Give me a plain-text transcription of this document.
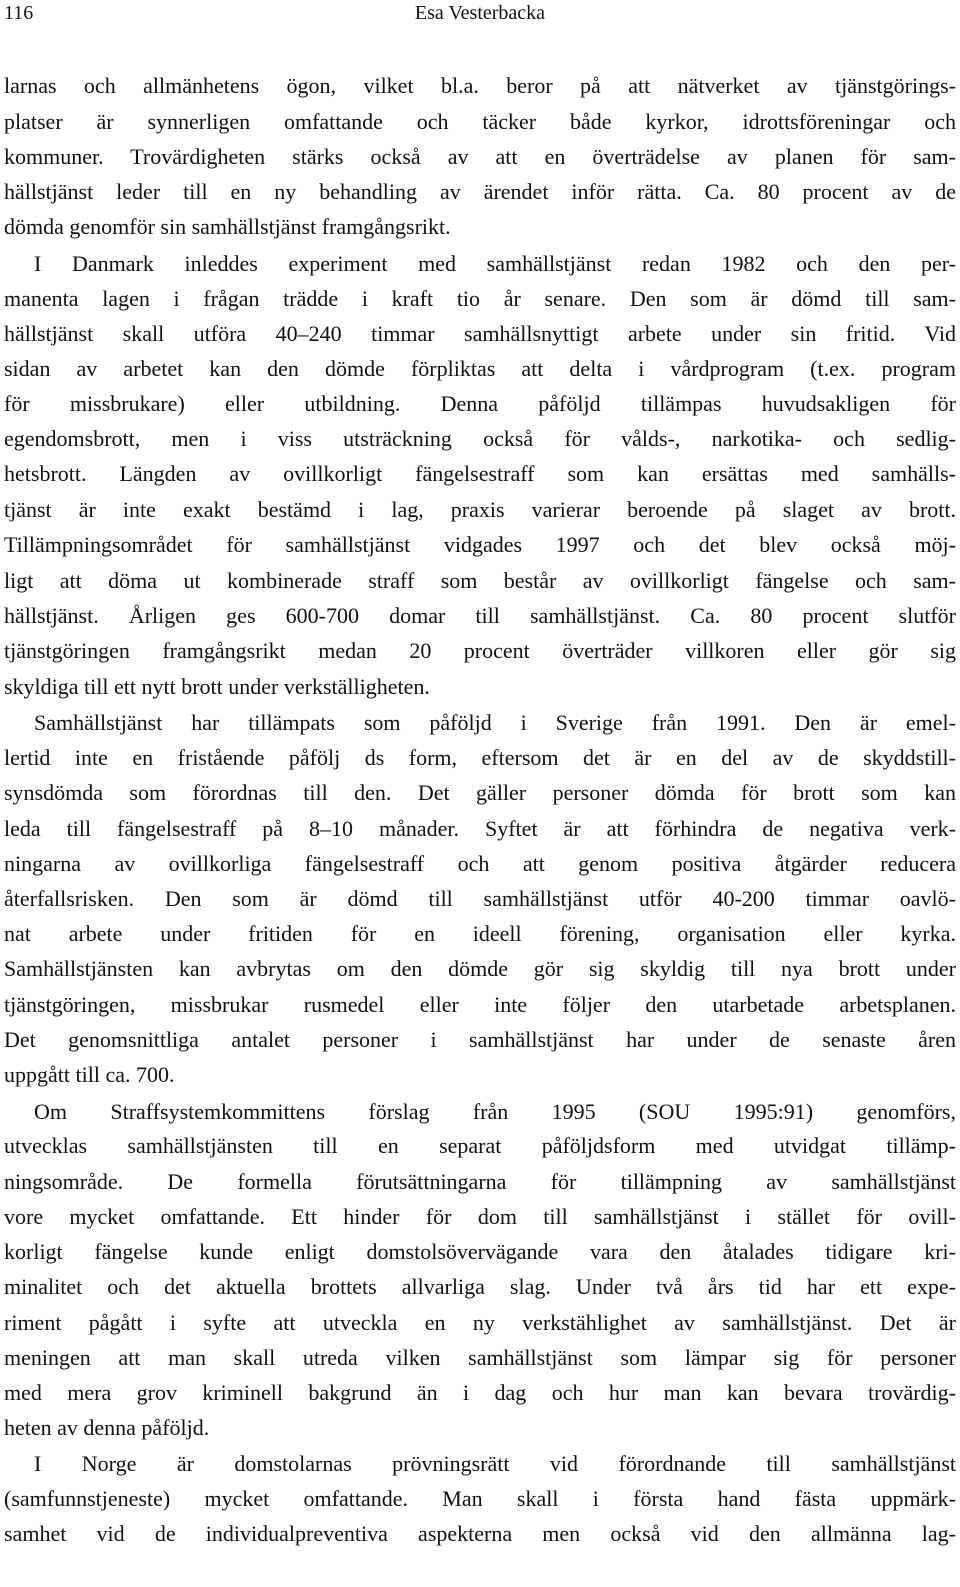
116	Esa Vesterbacka
larnas och allmänhetens ögon, vilket bl.a. beror på att nätverket av tjänstgörings-
platser är synnerligen omfattande och täcker både kyrkor, idrottsföreningar och
kommuner. Trovärdigheten stärks också av att en överträdelse av planen för sam-
hällstjänst leder till en ny behandling av ärendet inför rätta. Ca. 80 procent av de
dömda genomför sin samhällstjänst framgångsrikt.
I Danmark inleddes experiment med samhällstjänst redan 1982 och den per-
manenta lagen i frågan trädde i kraft tio år senare. Den som är dömd till sam-
hällstjänst skall utföra 40–240 timmar samhällsnyttigt arbete under sin fritid. Vid
sidan av arbetet kan den dömde förpliktas att delta i vårdprogram (t.ex. program
för missbrukare) eller utbildning. Denna påföljd tillämpas huvudsakligen för
egendomsbrott, men i viss utsträckning också för vålds-, narkotika- och sedlig-
hetsbrott. Längden av ovillkorligt fängelsestraff som kan ersättas med samhälls-
tjänst är inte exakt bestämd i lag, praxis varierar beroende på slaget av brott.
Tillämpningsområdet för samhällstjänst vidgades 1997 och det blev också möj-
ligt att döma ut kombinerade straff som består av ovillkorligt fängelse och sam-
hällstjänst. Årligen ges 600-700 domar till samhällstjänst. Ca. 80 procent slutför
tjänstgöringen framgångsrikt medan 20 procent överträder villkoren eller gör sig
skyldiga till ett nytt brott under verkställigheten.
Samhällstjänst har tillämpats som påföljd i Sverige från 1991. Den är emel-
lertid inte en fristående påfölj ds form, eftersom det är en del av de skyddstill-
synsdömda som förordnas till den. Det gäller personer dömda för brott som kan
leda till fängelsestraff på 8–10 månader. Syftet är att förhindra de negativa verk-
ningarna av ovillkorliga fängelsestraff och att genom positiva åtgärder reducera
återfallsrisken. Den som är dömd till samhällstjänst utför 40-200 timmar oavlö-
nat arbete under fritiden för en ideell förening, organisation eller kyrka.
Samhällstjänsten kan avbrytas om den dömde gör sig skyldig till nya brott under
tjänstgöringen, missbrukar rusmedel eller inte följer den utarbetade arbetsplanen.
Det genomsnittliga antalet personer i samhällstjänst har under de senaste åren
uppgått till ca. 700.
Om Straffsystemkommittens förslag från 1995 (SOU 1995:91) genomförs,
utvecklas samhällstjänsten till en separat påföljdsform med utvidgat tillämp-
ningsområde. De formella förutsättningarna för tillämpning av samhällstjänst
vore mycket omfattande. Ett hinder för dom till samhällstjänst i stället för ovill-
korligt fängelse kunde enligt domstolsövervägande vara den åtalades tidigare kri-
minalitet och det aktuella brottets allvarliga slag. Under två års tid har ett expe-
riment pågått i syfte att utveckla en ny verkstählighet av samhällstjänst. Det är
meningen att man skall utreda vilken samhällstjänst som lämpar sig för personer
med mera grov kriminell bakgrund än i dag och hur man kan bevara trovärdig-
heten av denna påföljd.
I Norge är domstolarnas prövningsrätt vid förordnande till samhällstjänst
(samfunnstjeneste) mycket omfattande. Man skall i första hand fästa uppmärk-
samhet vid de individualpreventiva aspekterna men också vid den allmänna lag-
